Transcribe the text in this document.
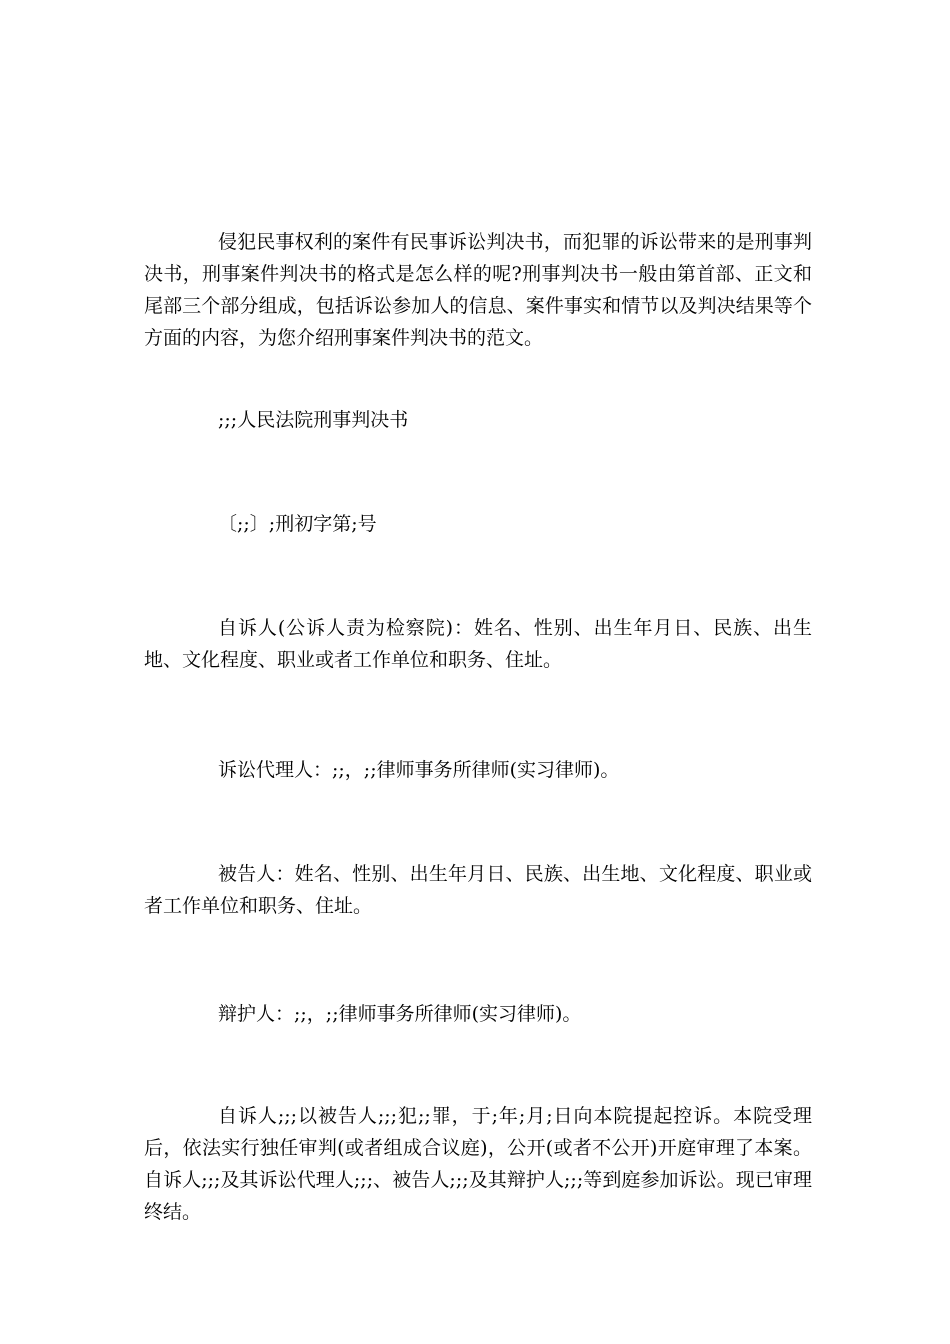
侵犯民事权利的案件有民事诉讼判决书，而犯罪的诉讼带来的是刑事判决书，刑事案件判决书的格式是怎么样的呢?刑事判决书一般由第首部、正文和尾部三个部分组成，包括诉讼参加人的信息、案件事实和情节以及判决结果等个方面的内容，为您介绍刑事案件判决书的范文。

;;;人民法院刑事判决书

〔;;〕;刑初字第;号

自诉人(公诉人责为检察院)：姓名、性别、出生年月日、民族、出生地、文化程度、职业或者工作单位和职务、住址。

诉讼代理人：;;，;;律师事务所律师(实习律师)。

被告人：姓名、性别、出生年月日、民族、出生地、文化程度、职业或者工作单位和职务、住址。

辩护人：;;，;;律师事务所律师(实习律师)。

自诉人;;;以被告人;;;犯;;罪，于;年;月;日向本院提起控诉。本院受理后，依法实行独任审判(或者组成合议庭)，公开(或者不公开)开庭审理了本案。自诉人;;;及其诉讼代理人;;;、被告人;;;及其辩护人;;;等到庭参加诉讼。现已审理终结。
